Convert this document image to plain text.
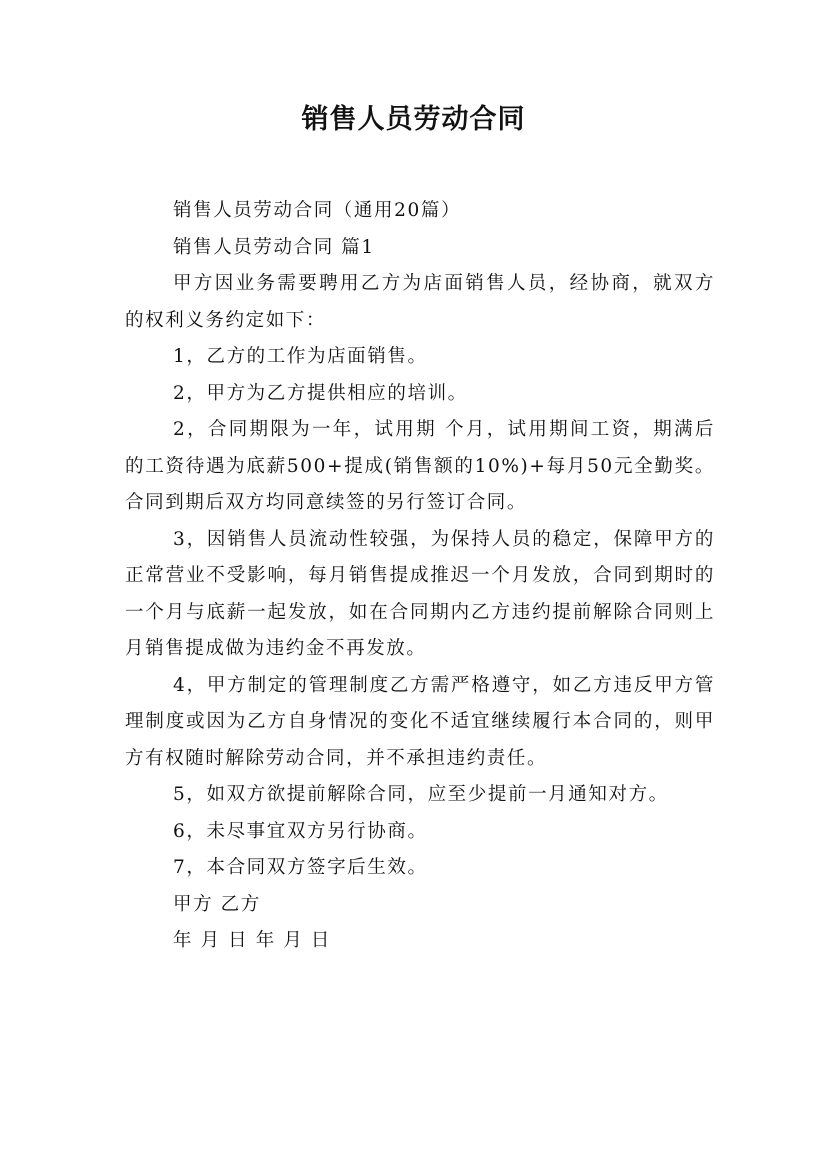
销售人员劳动合同

销售人员劳动合同（通用20篇）

销售人员劳动合同 篇1

甲方因业务需要聘用乙方为店面销售人员，经协商，就双方的权利义务约定如下：

1，乙方的工作为店面销售。

2，甲方为乙方提供相应的培训。

2，合同期限为一年，试用期 个月，试用期间工资，期满后的工资待遇为底薪500+提成(销售额的10%)+每月50元全勤奖。合同到期后双方均同意续签的另行签订合同。

3，因销售人员流动性较强，为保持人员的稳定，保障甲方的正常营业不受影响，每月销售提成推迟一个月发放，合同到期时的一个月与底薪一起发放，如在合同期内乙方违约提前解除合同则上月销售提成做为违约金不再发放。

4，甲方制定的管理制度乙方需严格遵守，如乙方违反甲方管理制度或因为乙方自身情况的变化不适宜继续履行本合同的，则甲方有权随时解除劳动合同，并不承担违约责任。

5，如双方欲提前解除合同，应至少提前一月通知对方。

6，未尽事宜双方另行协商。

7，本合同双方签字后生效。

甲方 乙方

年 月 日 年 月 日
